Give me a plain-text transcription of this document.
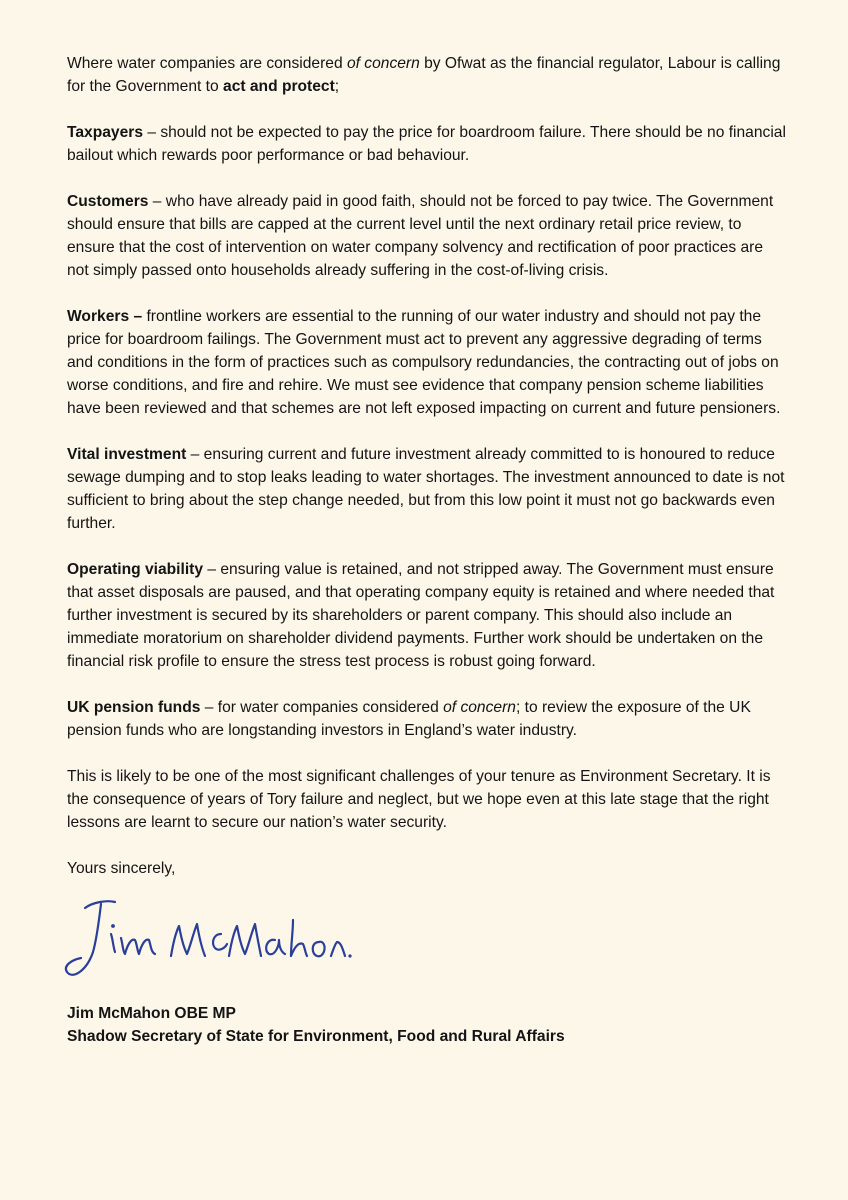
Where water companies are considered of concern by Ofwat as the financial regulator, Labour is calling for the Government to act and protect;

Taxpayers – should not be expected to pay the price for boardroom failure. There should be no financial bailout which rewards poor performance or bad behaviour.

Customers – who have already paid in good faith, should not be forced to pay twice. The Government should ensure that bills are capped at the current level until the next ordinary retail price review, to ensure that the cost of intervention on water company solvency and rectification of poor practices are not simply passed onto households already suffering in the cost-of-living crisis.

Workers – frontline workers are essential to the running of our water industry and should not pay the price for boardroom failings. The Government must act to prevent any aggressive degrading of terms and conditions in the form of practices such as compulsory redundancies, the contracting out of jobs on worse conditions, and fire and rehire. We must see evidence that company pension scheme liabilities have been reviewed and that schemes are not left exposed impacting on current and future pensioners.

Vital investment – ensuring current and future investment already committed to is honoured to reduce sewage dumping and to stop leaks leading to water shortages. The investment announced to date is not sufficient to bring about the step change needed, but from this low point it must not go backwards even further.

Operating viability – ensuring value is retained, and not stripped away. The Government must ensure that asset disposals are paused, and that operating company equity is retained and where needed that further investment is secured by its shareholders or parent company. This should also include an immediate moratorium on shareholder dividend payments. Further work should be undertaken on the financial risk profile to ensure the stress test process is robust going forward.

UK pension funds – for water companies considered of concern; to review the exposure of the UK pension funds who are longstanding investors in England’s water industry.

This is likely to be one of the most significant challenges of your tenure as Environment Secretary. It is the consequence of years of Tory failure and neglect, but we hope even at this late stage that the right lessons are learnt to secure our nation’s water security.

Yours sincerely,

Jim McMahon OBE MP
Shadow Secretary of State for Environment, Food and Rural Affairs
